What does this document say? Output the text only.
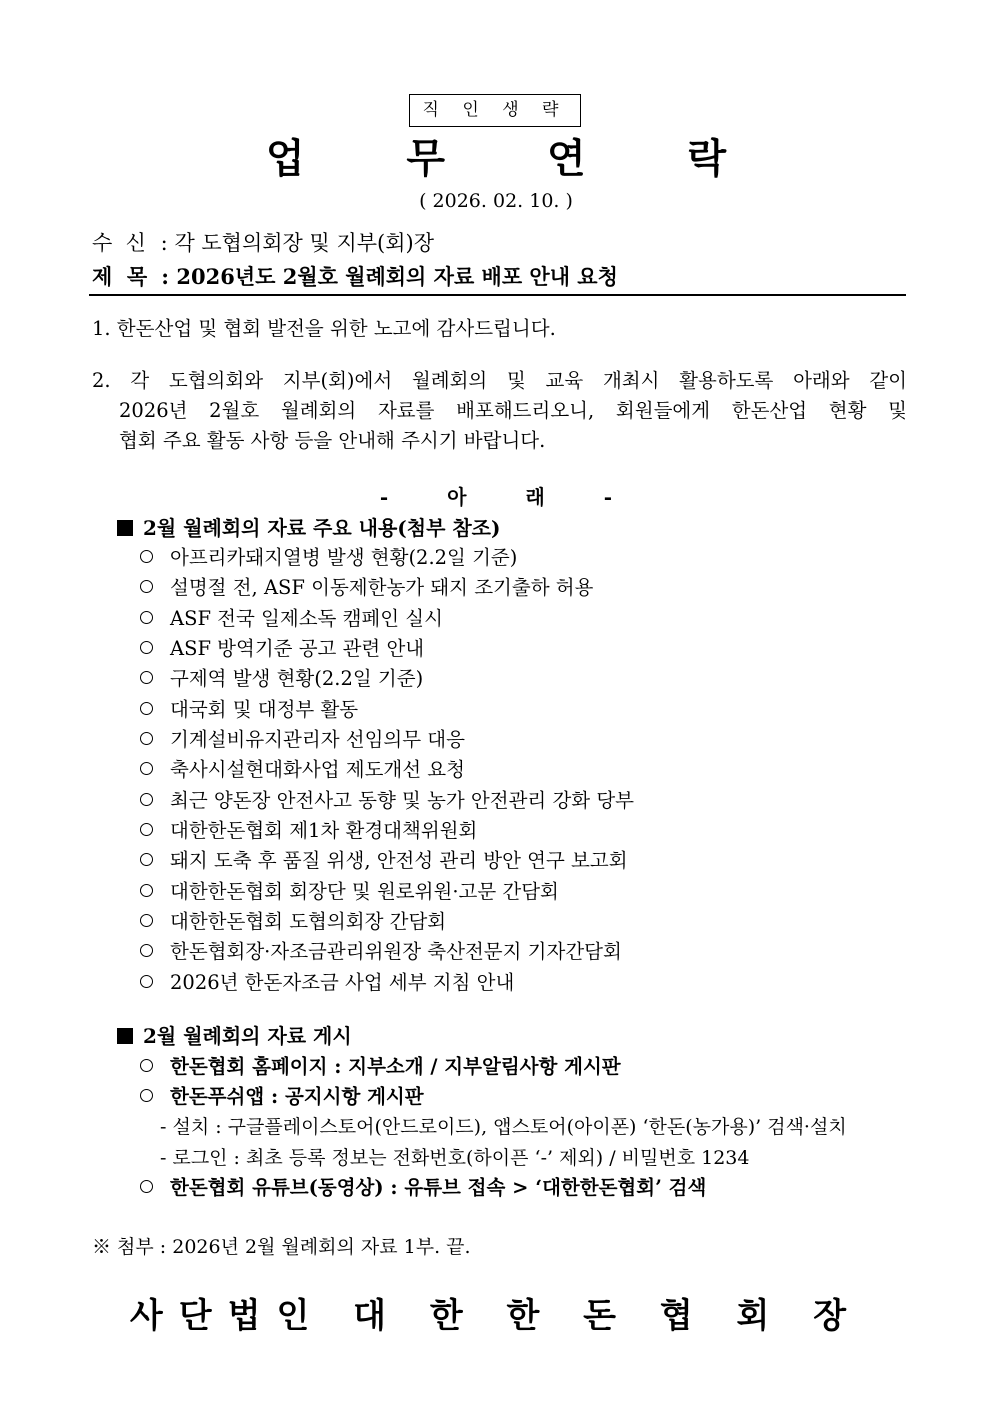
직 인 생 략
업 무 연 락
( 2026. 02. 10. )
수  신 : 각 도협의회장 및 지부(회)장
제  목 : 2026년도 2월호 월례회의 자료 배포 안내 요청
1. 한돈산업 및 협회 발전을 위한 노고에 감사드립니다.
2. 각 도협의회와 지부(회)에서 월례회의 및 교육 개최시 활용하도록 아래와 같이
2026년 2월호 월례회의 자료를 배포해드리오니, 회원들에게 한돈산업 현황 및
협회 주요 활동 사항 등을 안내해 주시기 바랍니다.
- 아 래 -
2월 월례회의 자료 주요 내용(첨부 참조)
아프리카돼지열병 발생 현황(2.2일 기준)
설명절 전, ASF 이동제한농가 돼지 조기출하 허용
ASF 전국 일제소독 캠페인 실시
ASF 방역기준 공고 관련 안내
구제역 발생 현황(2.2일 기준)
대국회 및 대정부 활동
기계설비유지관리자 선임의무 대응
축사시설현대화사업 제도개선 요청
최근 양돈장 안전사고 동향 및 농가 안전관리 강화 당부
대한한돈협회 제1차 환경대책위원회
돼지 도축 후 품질 위생, 안전성 관리 방안 연구 보고회
대한한돈협회 회장단 및 원로위원·고문 간담회
대한한돈협회 도협의회장 간담회
한돈협회장·자조금관리위원장 축산전문지 기자간담회
2026년 한돈자조금 사업 세부 지침 안내
2월 월례회의 자료 게시
한돈협회 홈페이지 : 지부소개 / 지부알림사항 게시판
한돈푸쉬앱 : 공지시항 게시판
- 설치 : 구글플레이스토어(안드로이드), 앱스토어(아이폰) ‘한돈(농가용)’ 검색·설치
- 로그인 : 최초 등록 정보는 전화번호(하이픈 ‘-’ 제외) / 비밀번호 1234
한돈협회 유튜브(동영상) : 유튜브 접속 > ‘대한한돈협회’ 검색
※ 첨부 : 2026년 2월 월례회의 자료 1부. 끝.
사단법인 대 한 한 돈 협 회 장
